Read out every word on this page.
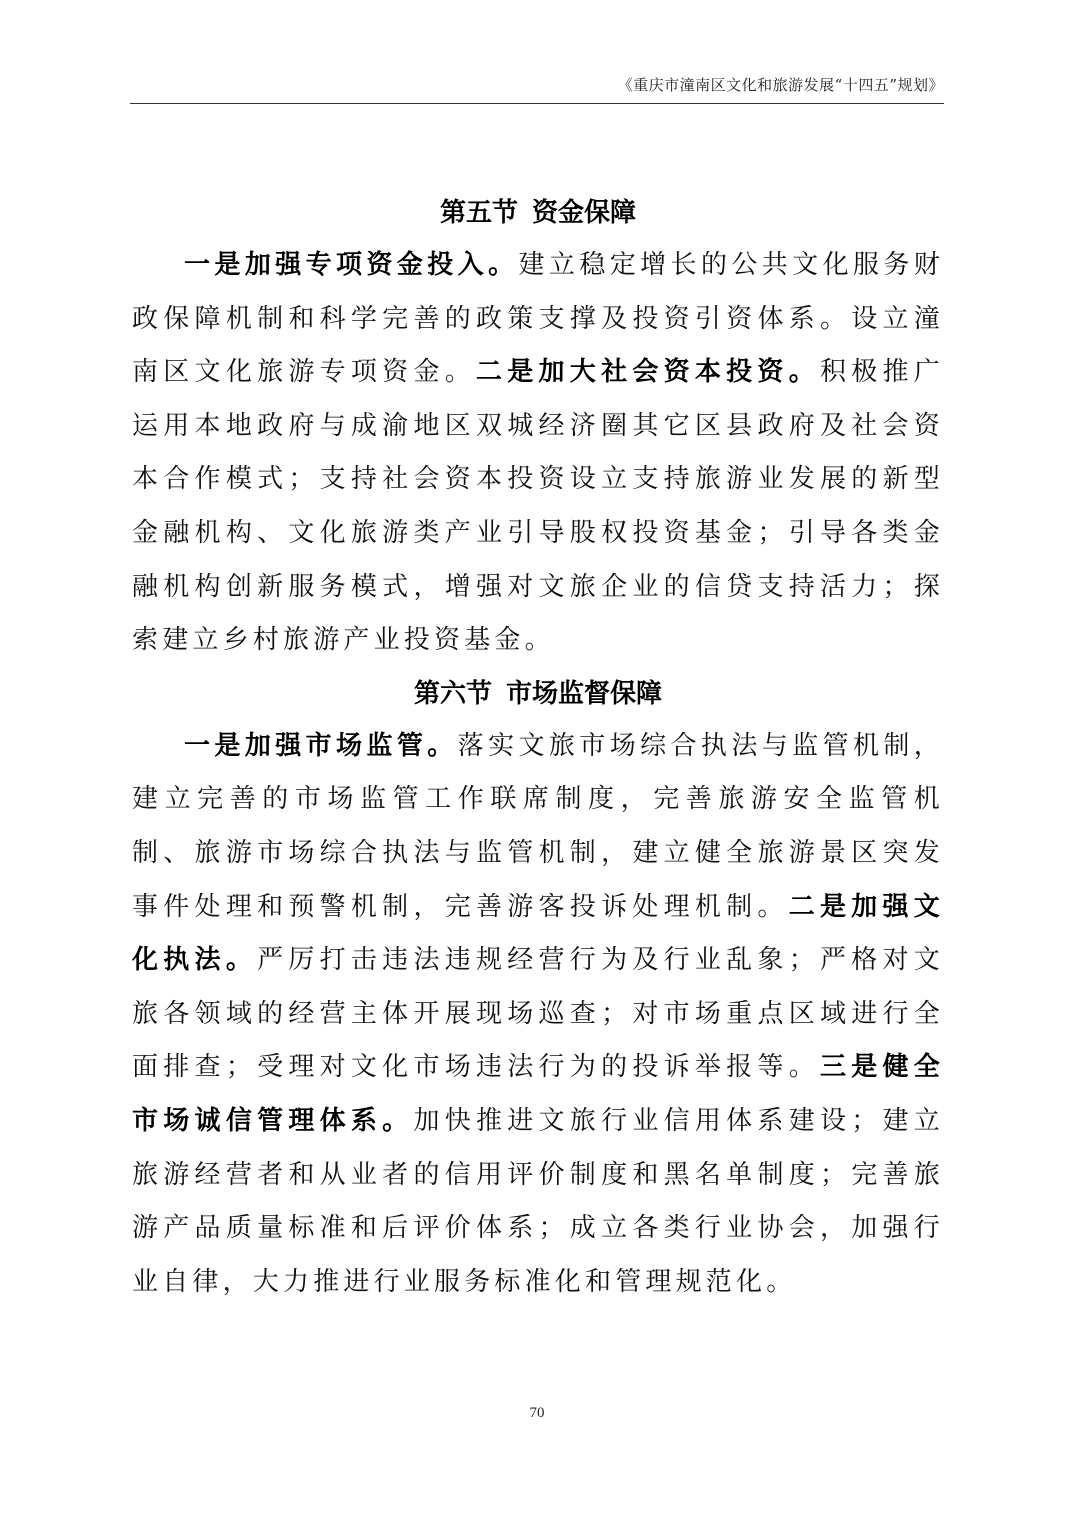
《重庆市潼南区文化和旅游发展“十四五”规划》
第五节 资金保障

一是加强专项资金投入。建立稳定增长的公共文化服务财政保障机制和科学完善的政策支撑及投资引资体系。设立潼南区文化旅游专项资金。二是加大社会资本投资。积极推广运用本地政府与成渝地区双城经济圈其它区县政府及社会资本合作模式；支持社会资本投资设立支持旅游业发展的新型金融机构、文化旅游类产业引导股权投资基金；引导各类金融机构创新服务模式，增强对文旅企业的信贷支持活力；探索建立乡村旅游产业投资基金。

第六节 市场监督保障

一是加强市场监管。落实文旅市场综合执法与监管机制，建立完善的市场监管工作联席制度，完善旅游安全监管机制、旅游市场综合执法与监管机制，建立健全旅游景区突发事件处理和预警机制，完善游客投诉处理机制。二是加强文化执法。严厉打击违法违规经营行为及行业乱象；严格对文旅各领域的经营主体开展现场巡查；对市场重点区域进行全面排查；受理对文化市场违法行为的投诉举报等。三是健全市场诚信管理体系。加快推进文旅行业信用体系建设；建立旅游经营者和从业者的信用评价制度和黑名单制度；完善旅游产品质量标准和后评价体系；成立各类行业协会，加强行业自律，大力推进行业服务标准化和管理规范化。

70
